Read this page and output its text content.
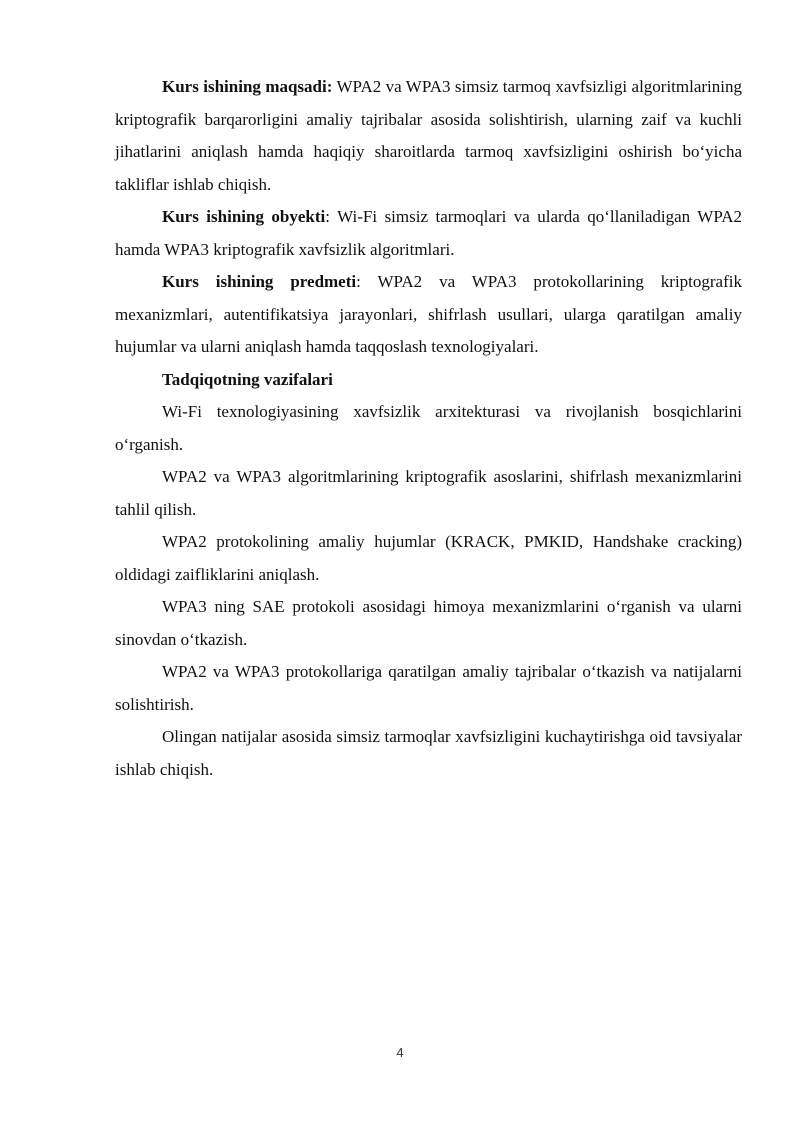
Kurs ishining maqsadi: WPA2 va WPA3 simsiz tarmoq xavfsizligi algoritmlarining kriptografik barqarorligini amaliy tajribalar asosida solishtirish, ularning zaif va kuchli jihatlarini aniqlash hamda haqiqiy sharoitlarda tarmoq xavfsizligini oshirish bo‘yicha takliflar ishlab chiqish.

Kurs ishining obyekti: Wi-Fi simsiz tarmoqlari va ularda qo‘llaniladigan WPA2 hamda WPA3 kriptografik xavfsizlik algoritmlari.

Kurs ishining predmeti: WPA2 va WPA3 protokollarining kriptografik mexanizmlari, autentifikatsiya jarayonlari, shifrlash usullari, ularga qaratilgan amaliy hujumlar va ularni aniqlash hamda taqqoslash texnologiyalari.

Tadqiqotning vazifalari

Wi-Fi texnologiyasining xavfsizlik arxitekturasi va rivojlanish bosqichlarini o‘rganish.

WPA2 va WPA3 algoritmlarining kriptografik asoslarini, shifrlash mexanizmlarini tahlil qilish.

WPA2 protokolining amaliy hujumlar (KRACK, PMKID, Handshake cracking) oldidagi zaifliklarini aniqlash.

WPA3 ning SAE protokoli asosidagi himoya mexanizmlarini o‘rganish va ularni sinovdan o‘tkazish.

WPA2 va WPA3 protokollariga qaratilgan amaliy tajribalar o‘tkazish va natijalarni solishtirish.

Olingan natijalar asosida simsiz tarmoqlar xavfsizligini kuchaytirishga oid tavsiyalar ishlab chiqish.

4
